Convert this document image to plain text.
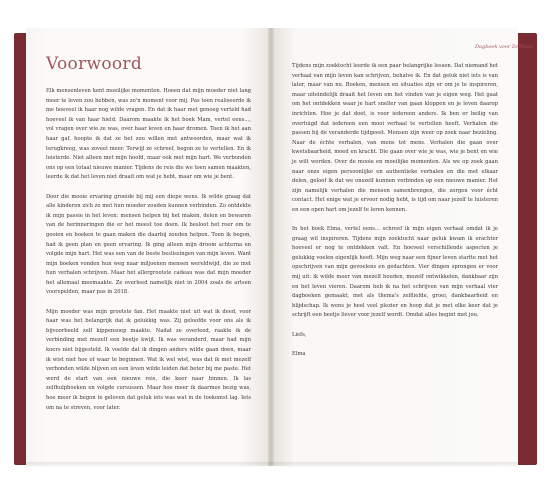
Dagboek voor Zelfhulp
Voorwoord

Elk mensenleven kent moeilijke momenten. Hoeen dat mijn moeder niet lang meer te leven zou hebben, was zo'n moment voor mij. Pas toen realiseerde ik me hoeveel ik haar nog wilde vragen. En dat ik haar met genoeg verteld had hoeveel ik van haar hield. Daarom maakte ik het boek Mam, vertel eens..., vol vragen over wie ze was, over haar leven en haar dromen. Toen ik het aan haar gaf, hoopte ik dat ze het zou willen met antwoorden, maar wat ik terugkreeg, was zoveel meer. Terwijl ze schreef, begon ze te vertellen. En ik luisterde. Niet alleen met mijn hoofd, maar ook met mijn hart. We verbonden ons op een totaal nieuwe manier. Tijdens de reis die we toen samen maakten, leerde ik dat het leven niet draait om wat je hebt, maar om wie je bent.

Door die mooie ervaring groeide bij mij een diepe wens. Ik wilde graag dat alle kinderen zich zo met hun moeder zouden kunnen verbinden. Zo ontdekte ik mijn passie in het leven: mensen helpen bij het maken, delen en bewaren van de herinneringen die er het meest toe doen. Ik besloot het roer om te gooien en boeken te gaan maken die daarbij zouden helpen. Toen ik begon, had ik geen plan en geen ervaring. Ik ging alleen mijn droom achterna en volgde mijn hart. Het was een van de beste beslissingen van mijn leven. Want mijn boeken vonden hun weg naar miljoenen mensen wereldwijd, die ze met hun verhalen schrijven. Maar het allergrootste cadeau was dat mijn moeder het allemaal meemaakte. Ze overleed namelijk niet in 2004 zoals de artsen voorspelden, maar pas in 2018.

Mijn moeder was mijn grootste fan. Het maakte niet uit wat ik deed, voor haar was het belangrijk dat ik gelukkig was. Zij geloofde voor ons als ik bijvoorbeeld zelf kippensoep maakte. Nadat ze overleed, raakte ik de verbinding met mezelf een beetje kwijt. Ik was veranderd, maar had mijn koers niet bijgesteld. Ik voelde dat ik dingen anders wilde gaan doen, maar ik wist niet hoe of waar te beginnen. Wat ik wel wist, was dat ik met mezelf verbonden wilde blijven en een leven wilde leiden dat beter bij me paste. Het werd de start van een nieuwe reis, die keer naar binnen. Ik las zelfhulpboeken en volgde cursussen. Maar hoe meer ik daarmee bezig was, hoe meer ik begon te geloven dat geluk iets was wat in de toekomst lag. Iets om na te streven, voor later.

Tijdens mijn zoektocht leerde ik een paar belangrijke lessen. Dat niemand het verhaal van mijn leven kan schrijven, behalve ik. En dat geluk niet iets is van later, maar van nu. Boeken, mensen en situaties zijn er om je te inspireren, maar uiteindelijk draait het leven om het vinden van je eigen weg. Het gaat om het ontdekken waar je hart sneller van gaan kloppen en je leven daarop inrichten. Hoe je dat doet, is voor iedereen anders. Ik ben er heilig van overtuigd dat iedereen een mooi verhaal te vertellen heeft. Verhalen die passen bij de veranderde tijdgeest. Mensen zijn weer op zoek naar bezieling. Naar de échte verhalen, van mens tot mens. Verhalen die gaan over kwetsbaarheid, moed en kracht. Die gaan over wie je was, wie je bent en wie je wilt worden. Over de mooie en moeilijke momenten. Als we op zoek gaan naar onze eigen persoonlijke en authentieke verhalen en die met elkaar delen, geloof ik dat we onszelf kunnen verbinden op een nieuwe manier. Het zijn namelijk verhalen die mensen samenbrengen, die zorgen voor écht contact. Het enige wat je ervoor nodig hebt, is tijd om naar jezelf te luisteren en een open hart om jezelf te leren kennen.

In het boek Elma, vertel eens... schreef ik mijn eigen verhaal omdat ik je graag wil inspireren. Tijdens mijn zoektocht naar geluk kwam ik erachter hoeveel er nog te ontdekken valt. En hoeveel verschillende aspecten je gelukkig voelen eigenlijk heeft. Mijn weg naar een fijner leven startte met het opschrijven van mijn gevoelens en gedachten. Vier dingen sprongen er voor mij uit: ik wilde meer van mezelf houden, mezelf ontwikkelen, dankbaar zijn en het leven vieren. Daarom heb ik na het schrijven van mijn verhaal vier dagboeken gemaakt, met als thema's zelfliefde, groei, dankbaarheid en blijdschap. Ik wens je heel veel plezier en hoop dat je met elke keer dat je schrijft een beetje liever voor jezelf wordt. Omdat alles begint met jou.

Liefs,

Elma
